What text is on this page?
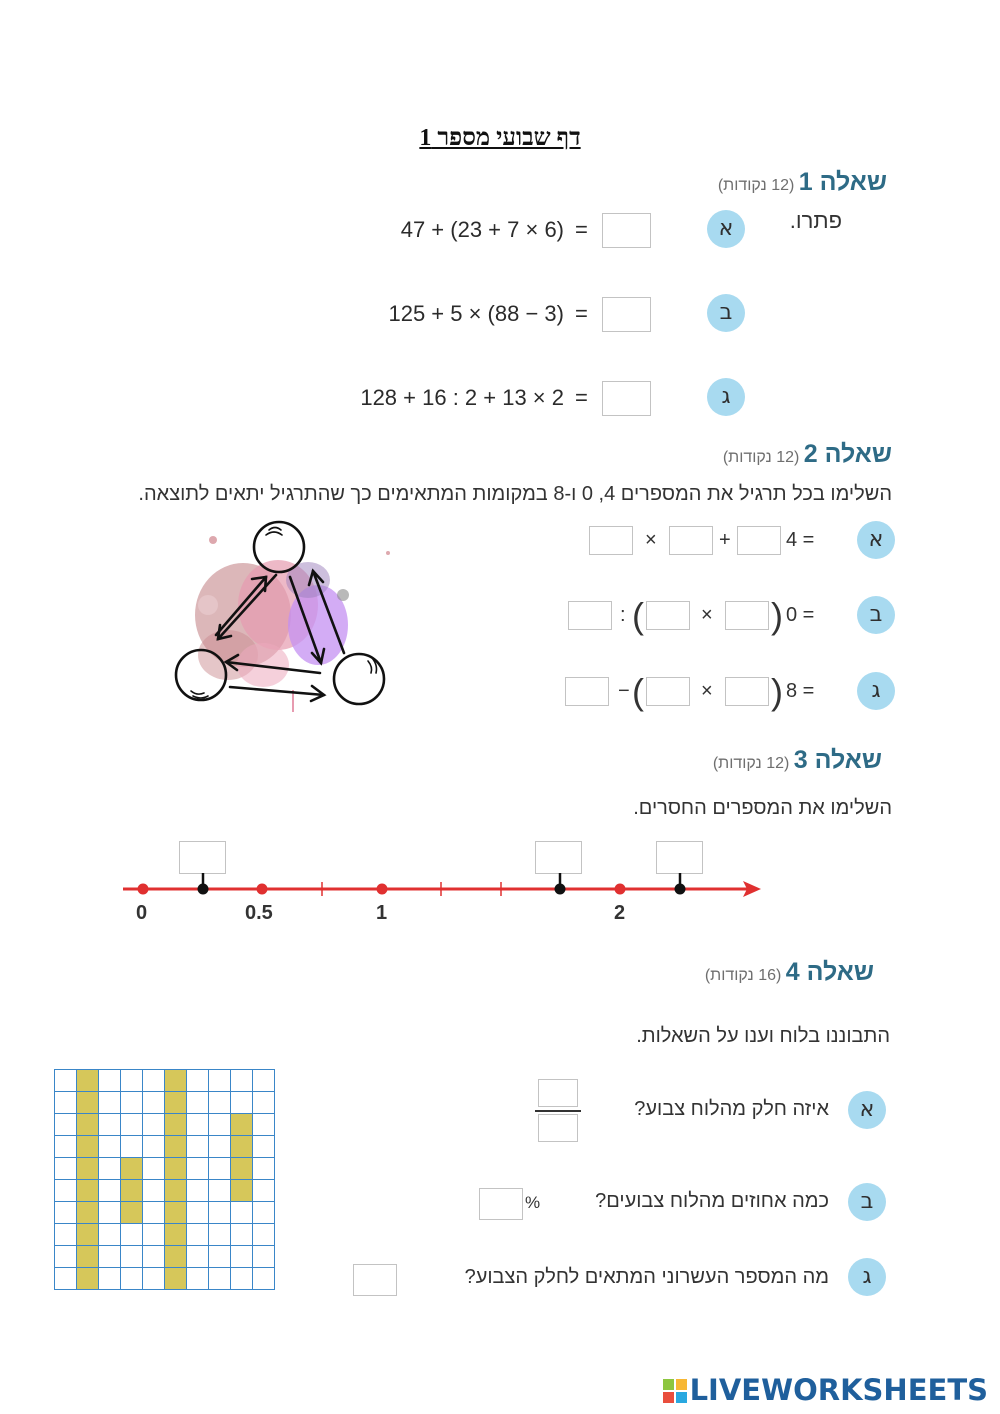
דף שבועי מספר 1
שאלה 1 (12 נקודות)
פתרו.
א
=
47 + (23 + 7 × 6)
ב
=
125 + 5 × (88 − 3)
ג
=
128 + 16 : 2 + 13 × 2
שאלה 2 (12 נקודות)
השלימו בכל תרגיל את המספרים 4, 0 ו-8 במקומות המתאימים כך שהתרגיל יתאים לתוצאה.
א
4 =
+
×
ב
0 =
)
×
(
:
ג
8 =
)
×
(
−
שאלה 3 (12 נקודות)
השלימו את המספרים החסרים.
0	0.5	1	2
שאלה 4 (16 נקודות)
התבוננו בלוח וענו על השאלות.

א
איזה חלק מהלוח צבוע?
ב
כמה אחוזים מהלוח צבועים?
%
ג
מה המספר העשרוני המתאים לחלק הצבוע?
LIVEWORKSHEETS
